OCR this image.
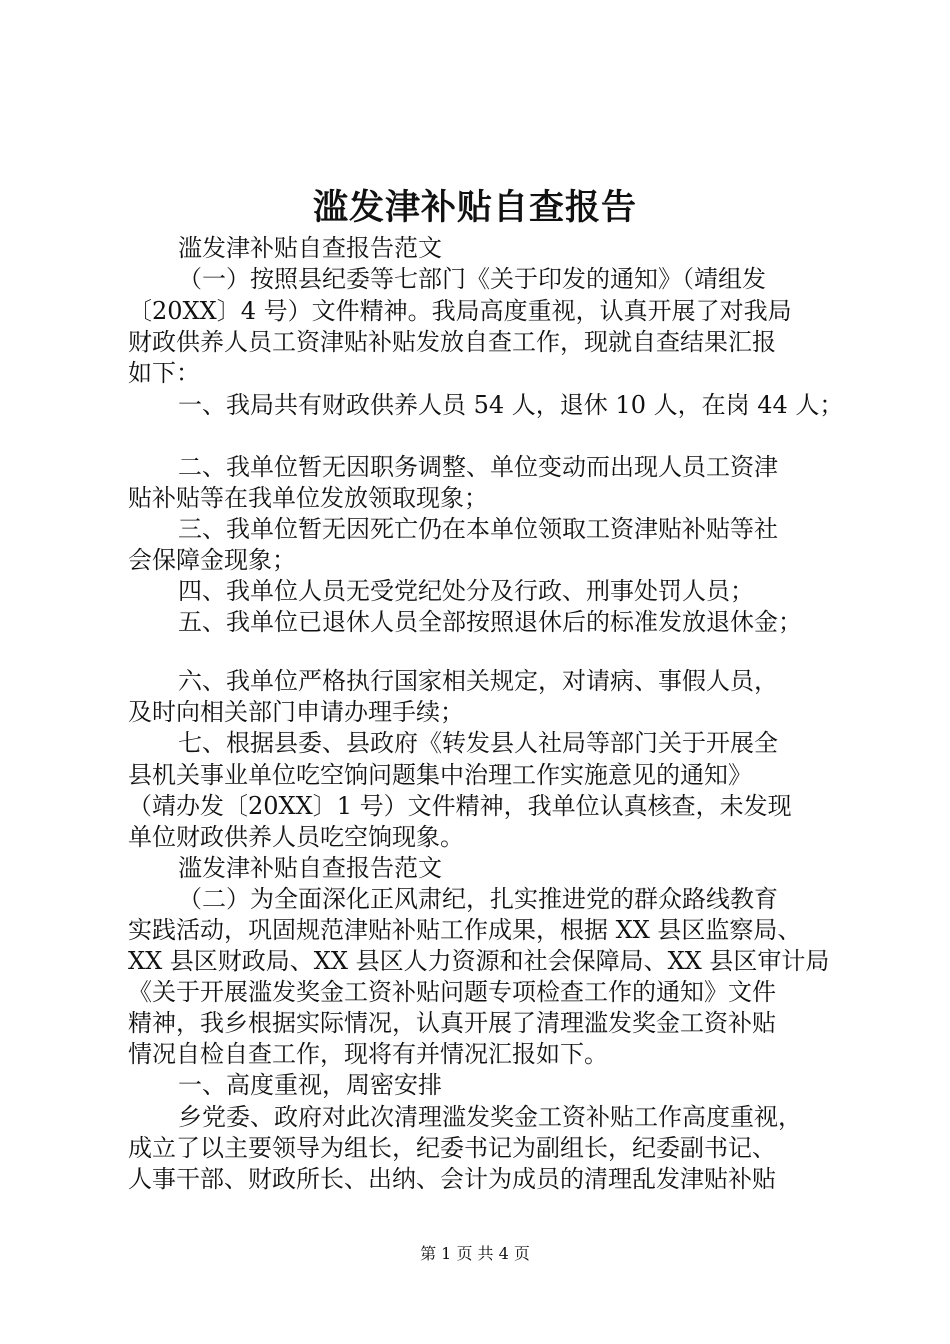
滥发津补贴自查报告
滥发津补贴自查报告范文
（一）按照县纪委等七部门《关于印发的通知》（靖组发
〔20XX〕4 号）文件精神。我局高度重视，认真开展了对我局
财政供养人员工资津贴补贴发放自查工作，现就自查结果汇报
如下：
一、我局共有财政供养人员 54 人，退休 10 人，在岗 44 人；
二、我单位暂无因职务调整、单位变动而出现人员工资津
贴补贴等在我单位发放领取现象；
三、我单位暂无因死亡仍在本单位领取工资津贴补贴等社
会保障金现象；
四、我单位人员无受党纪处分及行政、刑事处罚人员；
五、我单位已退休人员全部按照退休后的标准发放退休金；
六、我单位严格执行国家相关规定，对请病、事假人员，
及时向相关部门申请办理手续；
七、根据县委、县政府《转发县人社局等部门关于开展全
县机关事业单位吃空饷问题集中治理工作实施意见的通知》
（靖办发〔20XX〕1 号）文件精神，我单位认真核查，未发现
单位财政供养人员吃空饷现象。
滥发津补贴自查报告范文
（二）为全面深化正风肃纪，扎实推进党的群众路线教育
实践活动，巩固规范津贴补贴工作成果，根据 XX 县区监察局、
XX 县区财政局、XX 县区人力资源和社会保障局、XX 县区审计局
《关于开展滥发奖金工资补贴问题专项检查工作的通知》文件
精神，我乡根据实际情况，认真开展了清理滥发奖金工资补贴
情况自检自查工作，现将有并情况汇报如下。
一、高度重视，周密安排
乡党委、政府对此次清理滥发奖金工资补贴工作高度重视，
成立了以主要领导为组长，纪委书记为副组长，纪委副书记、
人事干部、财政所长、出纳、会计为成员的清理乱发津贴补贴
第 1 页 共 4 页
